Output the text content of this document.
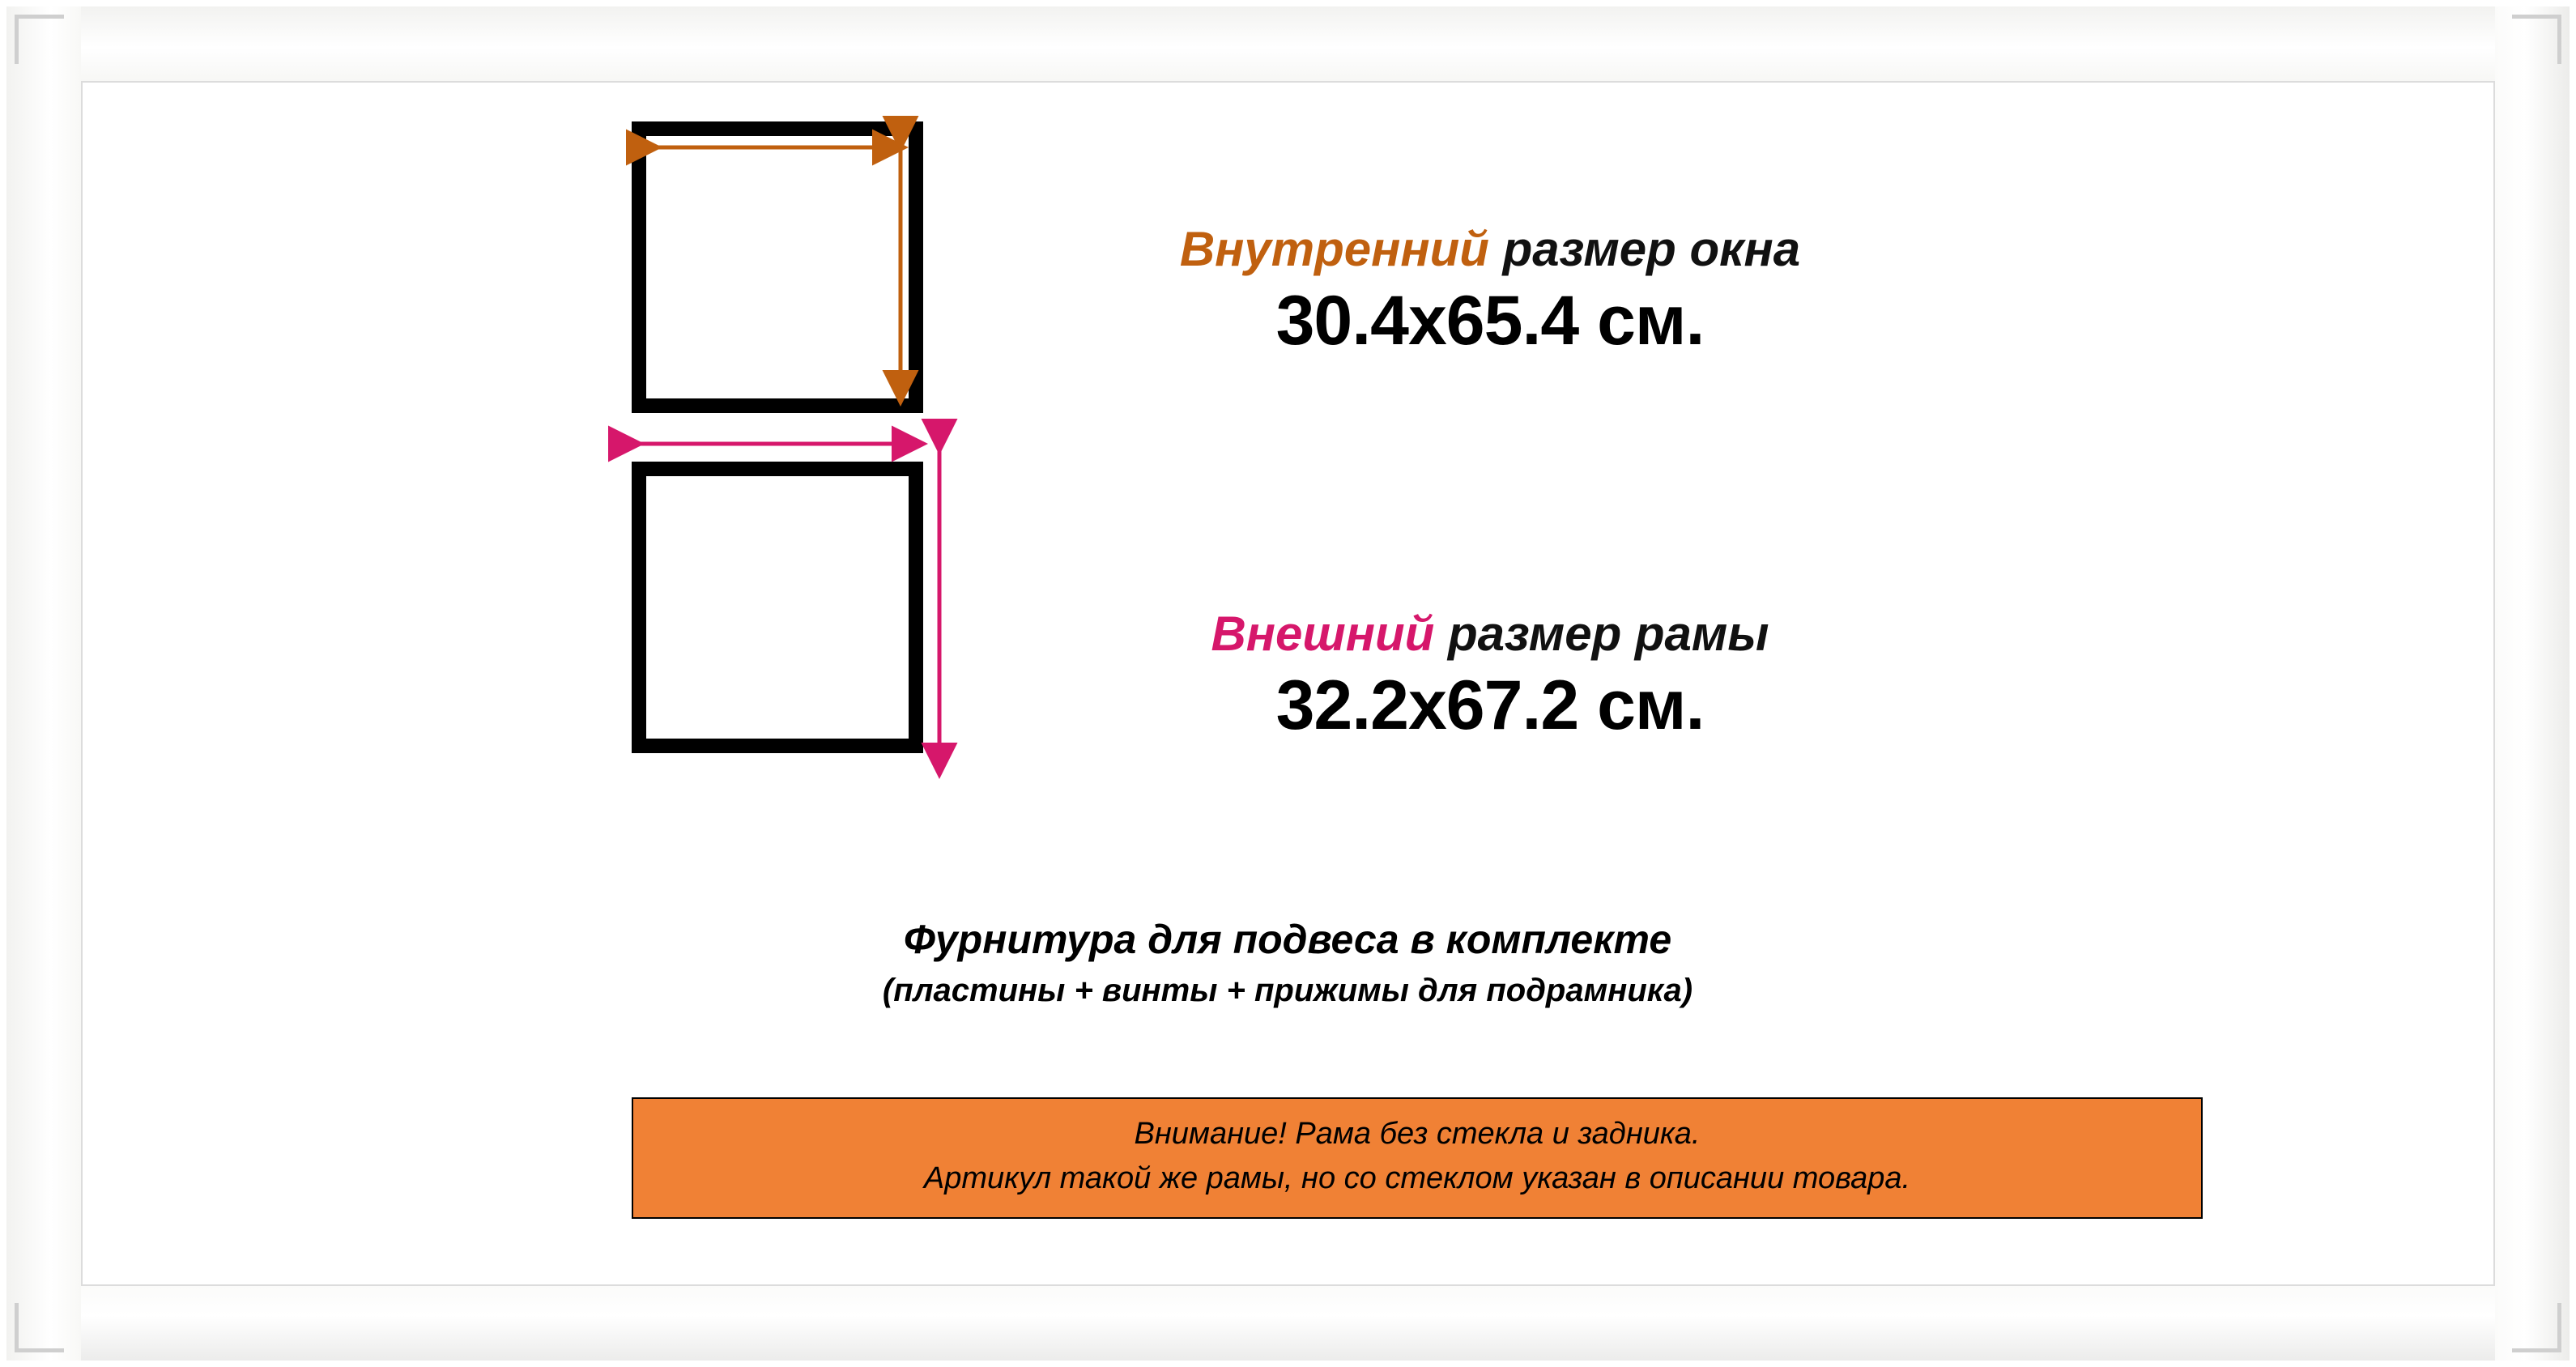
Внутренний размер окна
30.4х65.4 см.
Внешний размер рамы
32.2х67.2 см.
Фурнитура для подвеса в комплекте
(пластины + винты + прижимы для подрамника)
Внимание! Рама без стекла и задника.
Артикул такой же рамы, но со стеклом указан в описании товара.
